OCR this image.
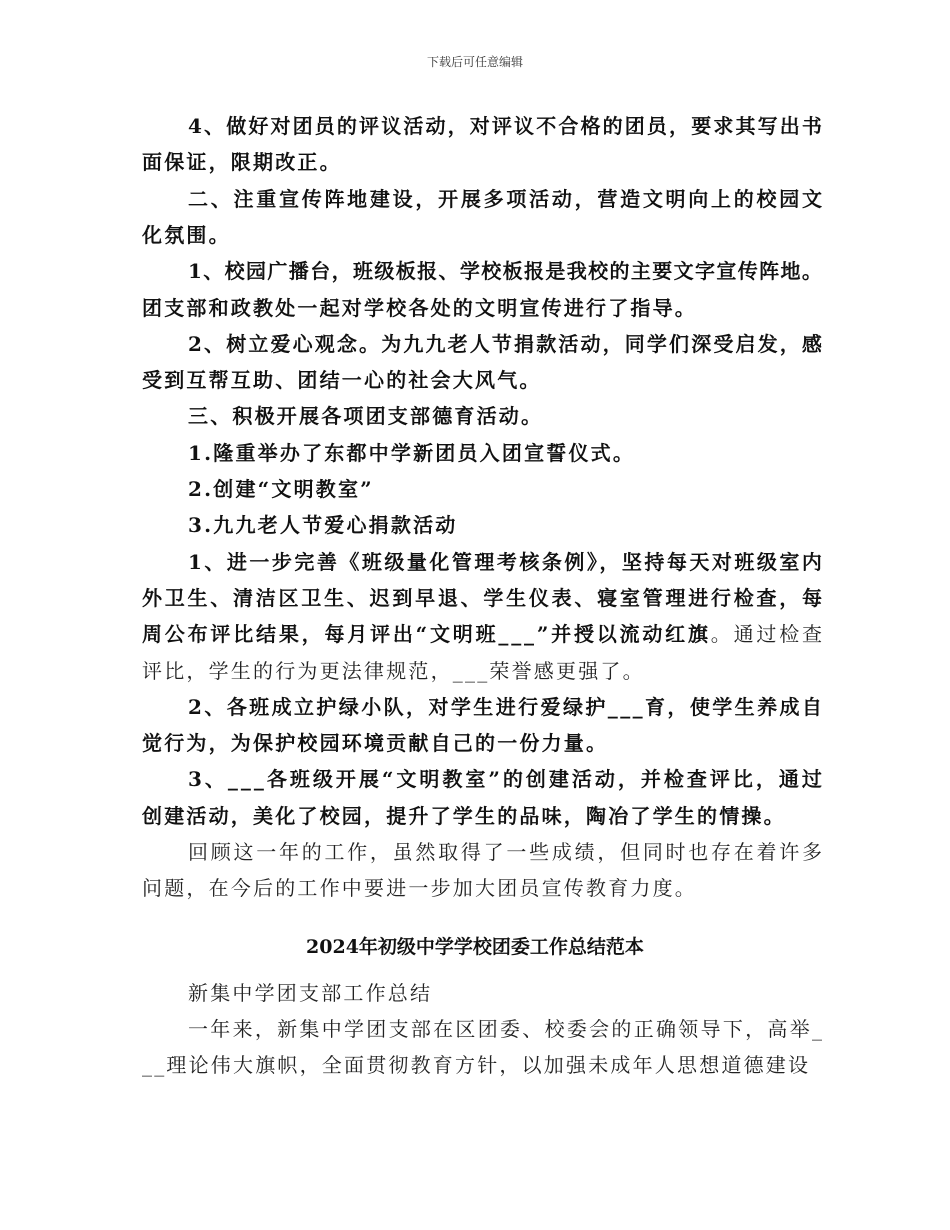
下载后可任意编辑
4、做好对团员的评议活动，对评议不合格的团员，要求其写出书
面保证，限期改正。
二、注重宣传阵地建设，开展多项活动，营造文明向上的校园文
化氛围。
1、校园广播台，班级板报、学校板报是我校的主要文字宣传阵地。
团支部和政教处一起对学校各处的文明宣传进行了指导。
2、树立爱心观念。为九九老人节捐款活动，同学们深受启发，感
受到互帮互助、团结一心的社会大风气。
三、积极开展各项团支部德育活动。
1.隆重举办了东都中学新团员入团宣誓仪式。
2.创建“文明教室”
3.九九老人节爱心捐款活动
1、进一步完善《班级量化管理考核条例》，坚持每天对班级室内
外卫生、清洁区卫生、迟到早退、学生仪表、寝室管理进行检查，每
周公布评比结果，每月评出“文明班___”并授以流动红旗。通过检查
评比，学生的行为更法律规范，___荣誉感更强了。
2、各班成立护绿小队，对学生进行爱绿护___育，使学生养成自
觉行为，为保护校园环境贡献自己的一份力量。
3、___各班级开展“文明教室”的创建活动，并检查评比，通过
创建活动，美化了校园，提升了学生的品味，陶冶了学生的情操。
回顾这一年的工作，虽然取得了一些成绩，但同时也存在着许多
问题，在今后的工作中要进一步加大团员宣传教育力度。
2024年初级中学学校团委工作总结范本
新集中学团支部工作总结
一年来，新集中学团支部在区团委、校委会的正确领导下，高举_
__理论伟大旗帜，全面贯彻教育方针，以加强未成年人思想道德建设
